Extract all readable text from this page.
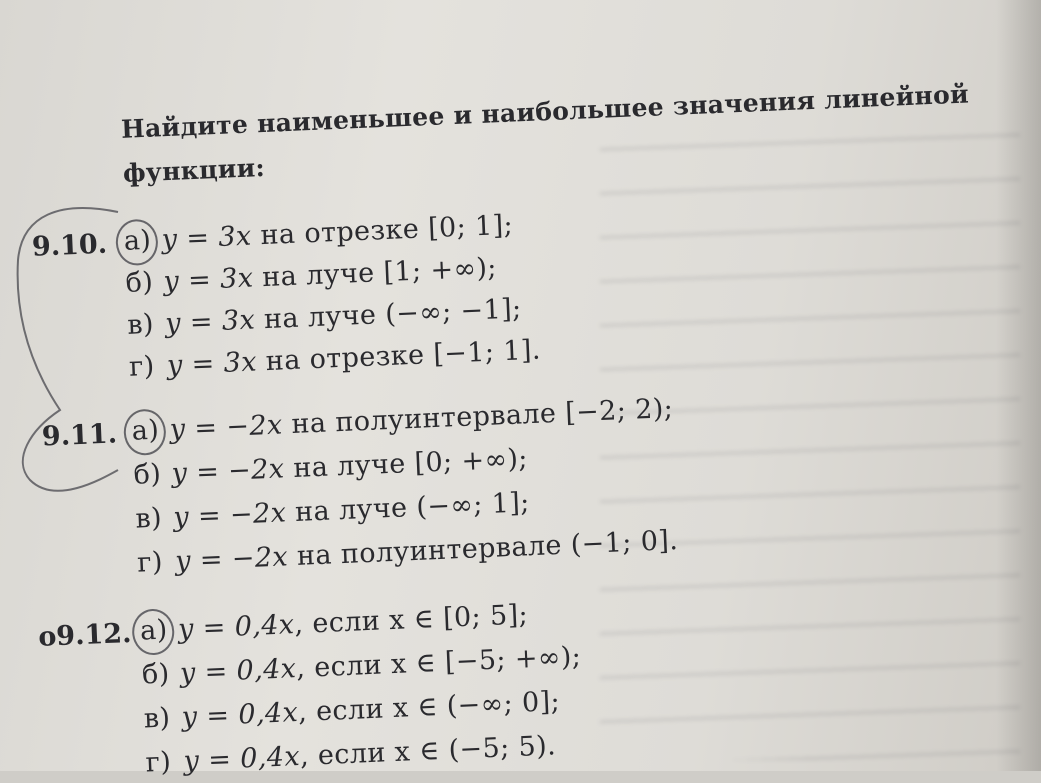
Найдите наименьшее и наибольшее значения линейной функции:
9.10. а) y = 3x на отрезке [0; 1];
б) y = 3x на луче [1; +∞);
в) y = 3x на луче (−∞; −1];
г) y = 3x на отрезке [−1; 1].
9.11. а) y = −2x на полуинтервале [−2; 2);
б) y = −2x на луче [0; +∞);
в) y = −2x на луче (−∞; 1];
г) y = −2x на полуинтервале (−1; 0].
o9.12. а) y = 0,4x, если x ∈ [0; 5];
б) y = 0,4x, если x ∈ [−5; +∞);
в) y = 0,4x, если x ∈ (−∞; 0];
г) y = 0,4x, если x ∈ (−5; 5).
